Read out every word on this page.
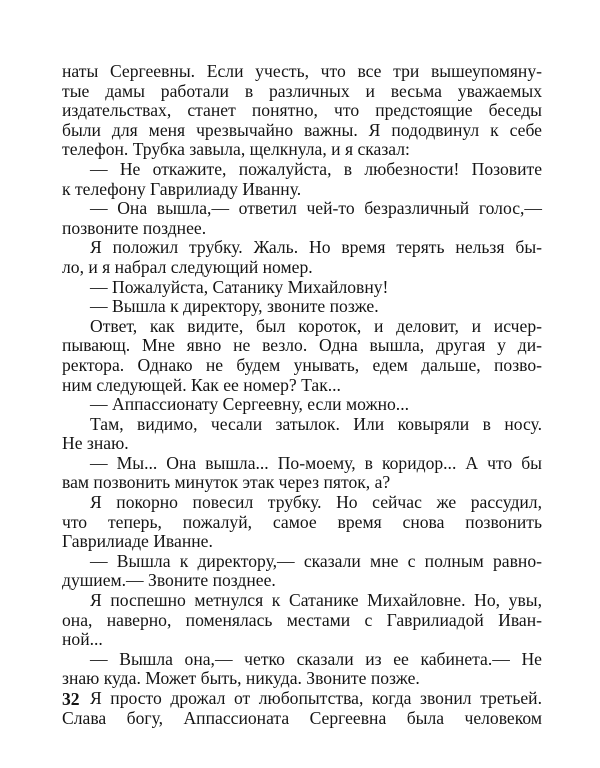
наты Сергеевны. Если учесть, что все три вышеупомяну-
тые дамы работали в различных и весьма уважаемых
издательствах, станет понятно, что предстоящие беседы
были для меня чрезвычайно важны. Я пододвинул к себе
телефон. Трубка завыла, щелкнула, и я сказал:
— Не откажите, пожалуйста, в любезности! Позовите
к телефону Гаврилиаду Иванну.
— Она вышла,— ответил чей-то безразличный голос,—
позвоните позднее.
Я положил трубку. Жаль. Но время терять нельзя бы-
ло, и я набрал следующий номер.
— Пожалуйста, Сатанику Михайловну!
— Вышла к директору, звоните позже.
Ответ, как видите, был короток, и деловит, и исчер-
пывающ. Мне явно не везло. Одна вышла, другая у ди-
ректора. Однако не будем унывать, едем дальше, позво-
ним следующей. Как ее номер? Так...
— Аппассионату Сергеевну, если можно...
Там, видимо, чесали затылок. Или ковыряли в носу.
Не знаю.
— Мы... Она вышла... По-моему, в коридор... А что бы
вам позвонить минуток этак через пяток, а?
Я покорно повесил трубку. Но сейчас же рассудил,
что теперь, пожалуй, самое время снова позвонить
Гаврилиаде Иванне.
— Вышла к директору,— сказали мне с полным равно-
душием.— Звоните позднее.
Я поспешно метнулся к Сатанике Михайловне. Но, увы,
она, наверно, поменялась местами с Гаврилиадой Иван-
ной...
— Вышла она,— четко сказали из ее кабинета.— Не
знаю куда. Может быть, никуда. Звоните позже.
Я просто дрожал от любопытства, когда звонил третьей.
Слава богу, Аппассионата Сергеевна была человеком
32
